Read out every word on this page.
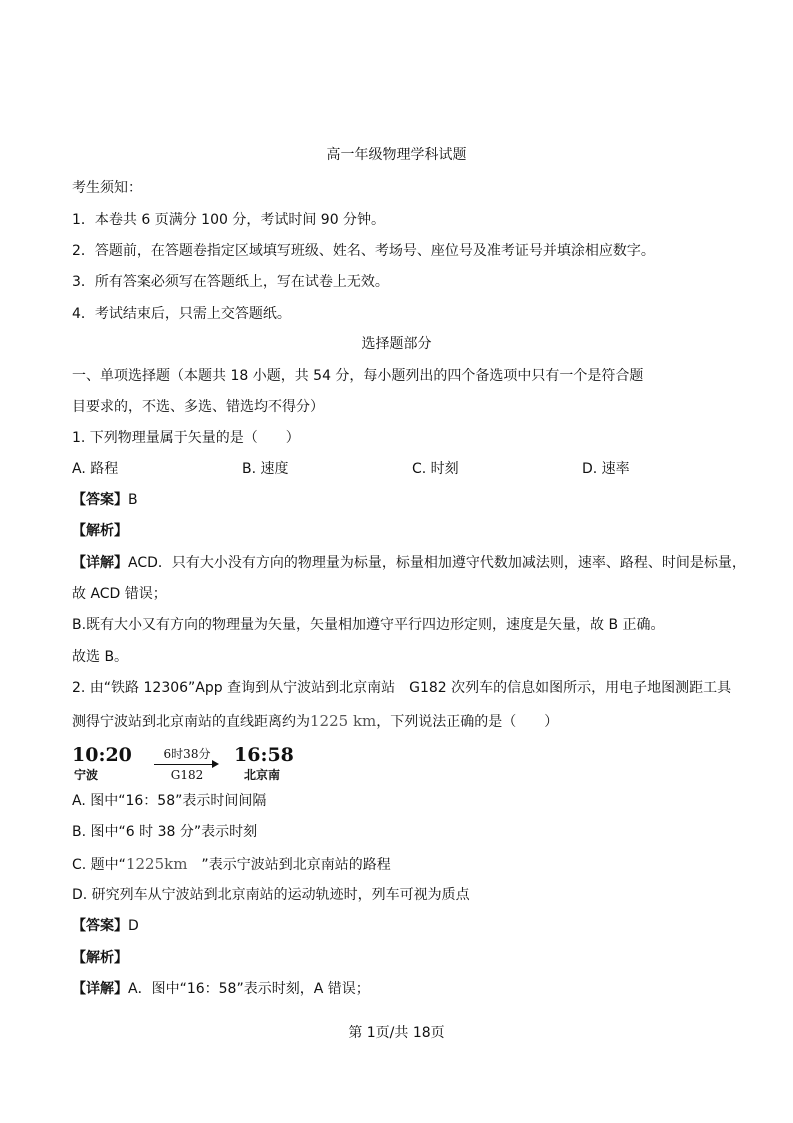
高一年级物理学科试题
考生须知：
1．本卷共 6 页满分 100 分，考试时间 90 分钟。
2．答题前，在答题卷指定区域填写班级、姓名、考场号、座位号及准考证号并填涂相应数字。
3．所有答案必须写在答题纸上，写在试卷上无效。
4．考试结束后，只需上交答题纸。
选择题部分
一、单项选择题（本题共 18 小题，共 54 分，每小题列出的四个备选项中只有一个是符合题
目要求的，不选、多选、错选均不得分）
1. 下列物理量属于矢量的是（　　）
A. 路程	B. 速度	C. 时刻	D. 速率
【答案】B
【解析】
【详解】ACD．只有大小没有方向的物理量为标量，标量相加遵守代数加减法则，速率、路程、时间是标量，
故 ACD 错误；
B.既有大小又有方向的物理量为矢量，矢量相加遵守平行四边形定则，速度是矢量，故 B 正确。
故选 B。
2. 由“铁路 12306”App 查询到从宁波站到北京南站　G182 次列车的信息如图所示，用电子地图测距工具
测得宁波站到北京南站的直线距离约为1225 km，下列说法正确的是（　　）
10:20
宁波
6时38分
G182
16:58
北京南
A. 图中“16：58”表示时间间隔
B. 图中“6 时 38 分”表示时刻
C. 题中“1225km　”表示宁波站到北京南站的路程
D. 研究列车从宁波站到北京南站的运动轨迹时，列车可视为质点
【答案】D
【解析】
【详解】A．图中“16：58”表示时刻，A 错误；
第 1页/共 18页
